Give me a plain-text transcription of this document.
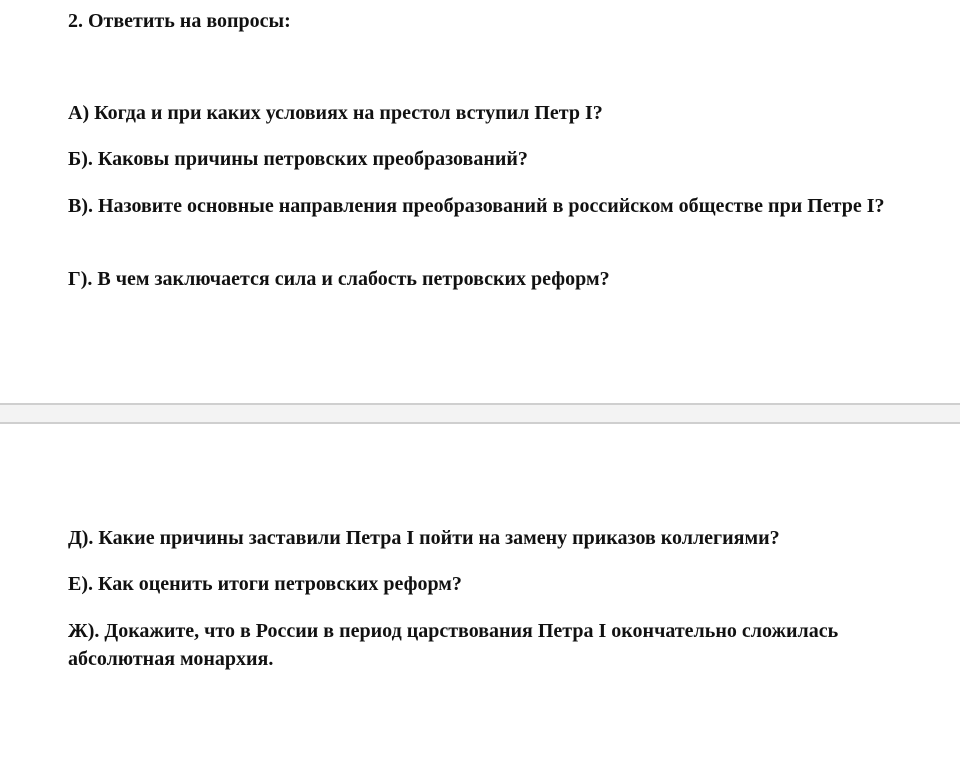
2. Ответить на вопросы:

А) Когда и при каких условиях на престол вступил Петр I?

Б). Каковы причины петровских преобразований?

В). Назовите основные направления преобразований в российском обществе при Петре I?

Г). В чем заключается сила и слабость петровских реформ?

Д). Какие причины заставили Петра I пойти на замену приказов коллегиями?

Е). Как оценить итоги петровских реформ?

Ж). Докажите, что в России в период царствования Петра I окончательно сложилась абсолютная монархия.
